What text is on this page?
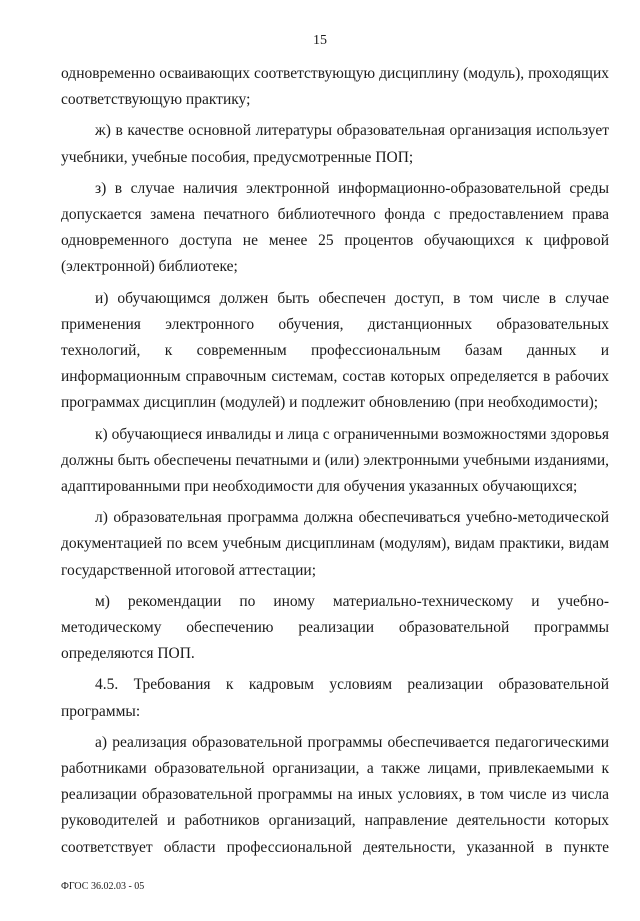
15

одновременно осваивающих соответствующую дисциплину (модуль), проходящих соответствующую практику;

ж) в качестве основной литературы образовательная организация использует учебники, учебные пособия, предусмотренные ПОП;

з) в случае наличия электронной информационно-образовательной среды допускается замена печатного библиотечного фонда с предоставлением права одновременного доступа не менее 25 процентов обучающихся к цифровой (электронной) библиотеке;

и) обучающимся должен быть обеспечен доступ, в том числе в случае применения электронного обучения, дистанционных образовательных технологий, к современным профессиональным базам данных и информационным справочным системам, состав которых определяется в рабочих программах дисциплин (модулей) и подлежит обновлению (при необходимости);

к) обучающиеся инвалиды и лица с ограниченными возможностями здоровья должны быть обеспечены печатными и (или) электронными учебными изданиями, адаптированными при необходимости для обучения указанных обучающихся;

л) образовательная программа должна обеспечиваться учебно-методической документацией по всем учебным дисциплинам (модулям), видам практики, видам государственной итоговой аттестации;

м) рекомендации по иному материально-техническому и учебно-методическому обеспечению реализации образовательной программы определяются ПОП.

4.5. Требования к кадровым условиям реализации образовательной программы:

а) реализация образовательной программы обеспечивается педагогическими работниками образовательной организации, а также лицами, привлекаемыми к реализации образовательной программы на иных условиях, в том числе из числа руководителей и работников организаций, направление деятельности которых соответствует области профессиональной деятельности, указанной в пункте

ФГОС 36.02.03 - 05
